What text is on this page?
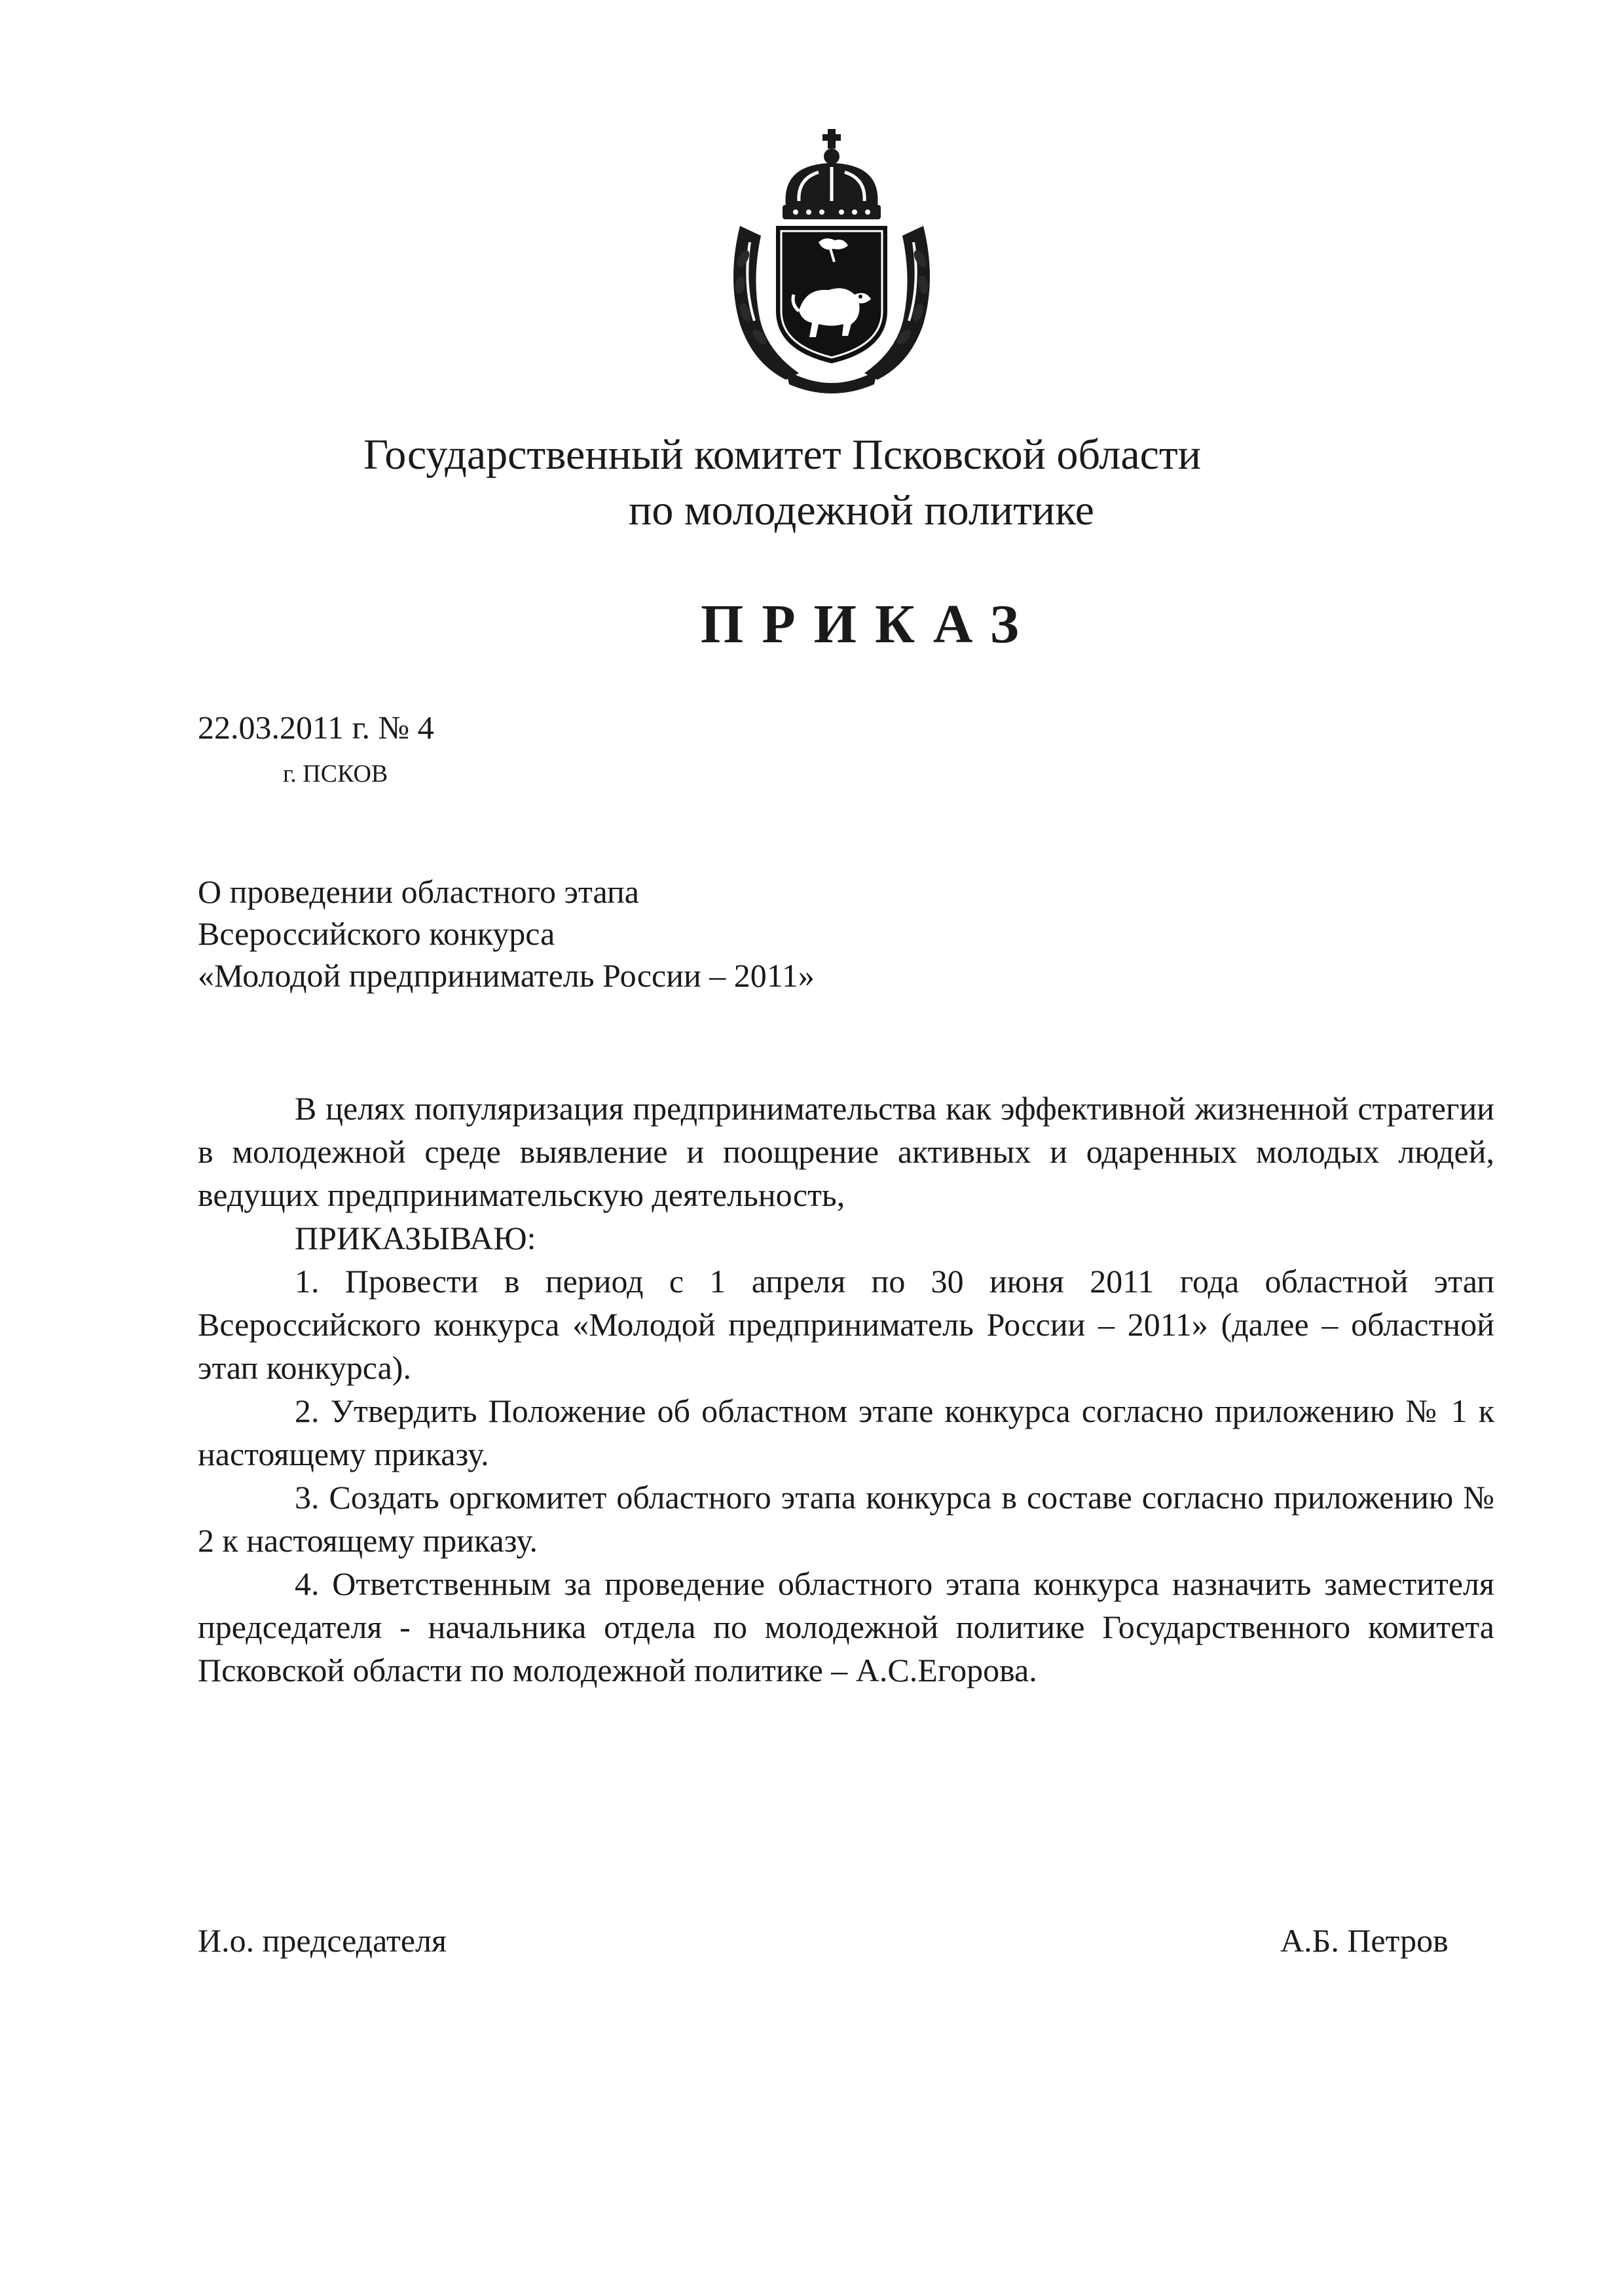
Государственный комитет Псковской области
по молодежной политике
ПРИКАЗ
22.03.2011 г. № 4
г. ПСКОВ
О проведении областного этапа
Всероссийского конкурса
«Молодой предприниматель России – 2011»

В целях популяризация предпринимательства как эффективной жизненной стратегии в молодежной среде выявление и поощрение активных и одаренных молодых людей, ведущих предпринимательскую деятельность,

ПРИКАЗЫВАЮ:

1. Провести в период с 1 апреля по 30 июня 2011 года областной этап Всероссийского конкурса «Молодой предприниматель России – 2011» (далее – областной этап конкурса).

2. Утвердить Положение об областном этапе конкурса согласно приложению № 1 к настоящему приказу.

3. Создать оргкомитет областного этапа конкурса в составе согласно приложению № 2 к настоящему приказу.

4. Ответственным за проведение областного этапа конкурса назначить заместителя председателя - начальника отдела по молодежной политике Государственного комитета Псковской области по молодежной политике – А.С.Егорова.

И.о. председателя	А.Б. Петров
